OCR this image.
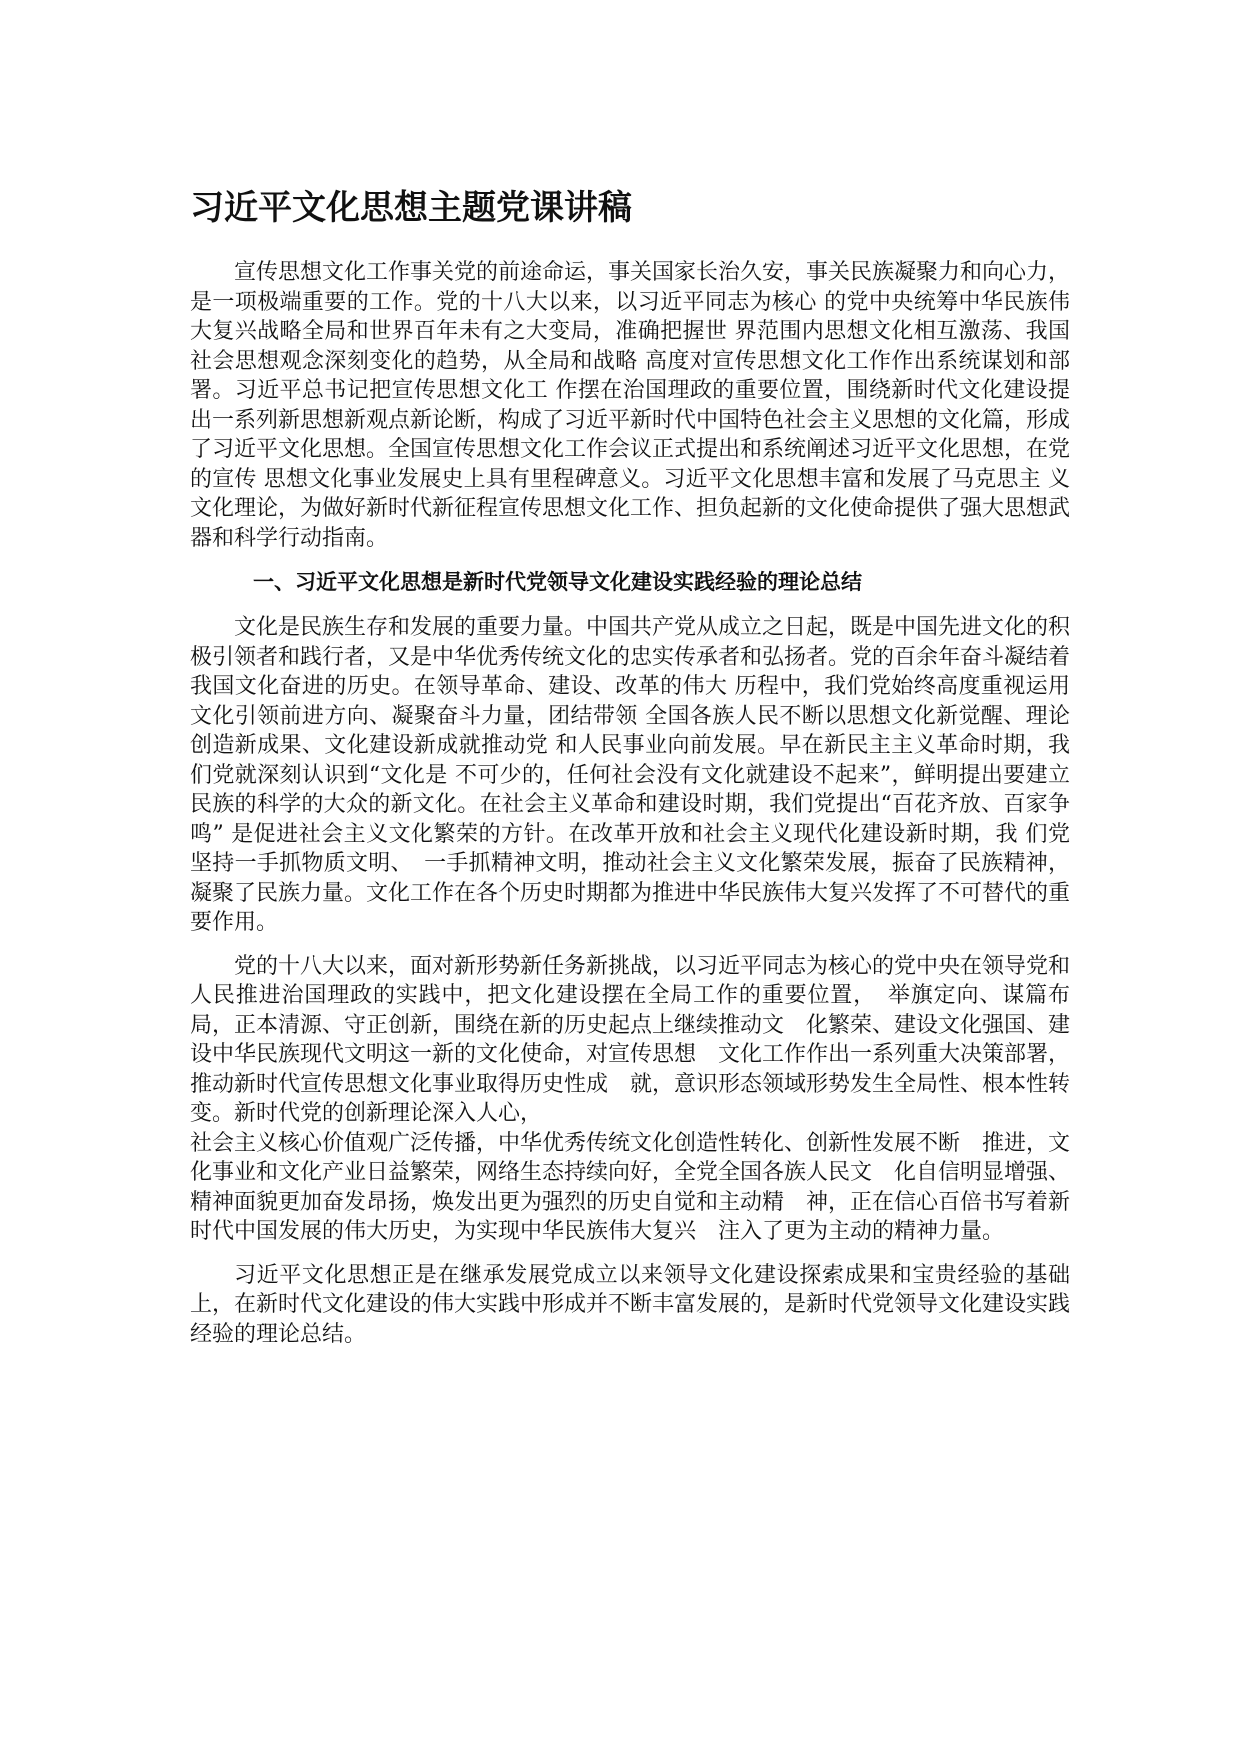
习近平文化思想主题党课讲稿

宣传思想文化工作事关党的前途命运，事关国家长治久安，事关民族凝聚力和向心力，是一项极端重要的工作。党的十八大以来，以习近平同志为核心 的党中央统筹中华民族伟大复兴战略全局和世界百年未有之大变局，准确把握世 界范围内思想文化相互激荡、我国社会思想观念深刻变化的趋势，从全局和战略 高度对宣传思想文化工作作出系统谋划和部署。习近平总书记把宣传思想文化工 作摆在治国理政的重要位置，围绕新时代文化建设提出一系列新思想新观点新论断，构成了习近平新时代中国特色社会主义思想的文化篇，形成了习近平文化思想。全国宣传思想文化工作会议正式提出和系统阐述习近平文化思想，在党的宣传 思想文化事业发展史上具有里程碑意义。习近平文化思想丰富和发展了马克思主 义文化理论，为做好新时代新征程宣传思想文化工作、担负起新的文化使命提供了强大思想武器和科学行动指南。

一、习近平文化思想是新时代党领导文化建设实践经验的理论总结

文化是民族生存和发展的重要力量。中国共产党从成立之日起，既是中国先进文化的积极引领者和践行者，又是中华优秀传统文化的忠实传承者和弘扬者。党的百余年奋斗凝结着我国文化奋进的历史。在领导革命、建设、改革的伟大 历程中，我们党始终高度重视运用文化引领前进方向、凝聚奋斗力量，团结带领 全国各族人民不断以思想文化新觉醒、理论创造新成果、文化建设新成就推动党 和人民事业向前发展。早在新民主主义革命时期，我们党就深刻认识到“文化是 不可少的，任何社会没有文化就建设不起来”，鲜明提出要建立民族的科学的大众的新文化。在社会主义革命和建设时期，我们党提出“百花齐放、百家争鸣” 是促进社会主义文化繁荣的方针。在改革开放和社会主义现代化建设新时期，我 们党坚持一手抓物质文明、　一手抓精神文明，推动社会主义文化繁荣发展，振奋了民族精神，凝聚了民族力量。文化工作在各个历史时期都为推进中华民族伟大复兴发挥了不可替代的重要作用。

党的十八大以来，面对新形势新任务新挑战，以习近平同志为核心的党中央在领导党和人民推进治国理政的实践中，把文化建设摆在全局工作的重要位置，　举旗定向、谋篇布局，正本清源、守正创新，围绕在新的历史起点上继续推动文　化繁荣、建设文化强国、建设中华民族现代文明这一新的文化使命，对宣传思想　文化工作作出一系列重大决策部署，推动新时代宣传思想文化事业取得历史性成　就，意识形态领域形势发生全局性、根本性转变。新时代党的创新理论深入人心，
社会主义核心价值观广泛传播，中华优秀传统文化创造性转化、创新性发展不断　推进，文化事业和文化产业日益繁荣，网络生态持续向好，全党全国各族人民文　化自信明显增强、精神面貌更加奋发昂扬，焕发出更为强烈的历史自觉和主动精　神，正在信心百倍书写着新时代中国发展的伟大历史，为实现中华民族伟大复兴　注入了更为主动的精神力量。

习近平文化思想正是在继承发展党成立以来领导文化建设探索成果和宝贵经验的基础上，在新时代文化建设的伟大实践中形成并不断丰富发展的，是新时代党领导文化建设实践经验的理论总结。
